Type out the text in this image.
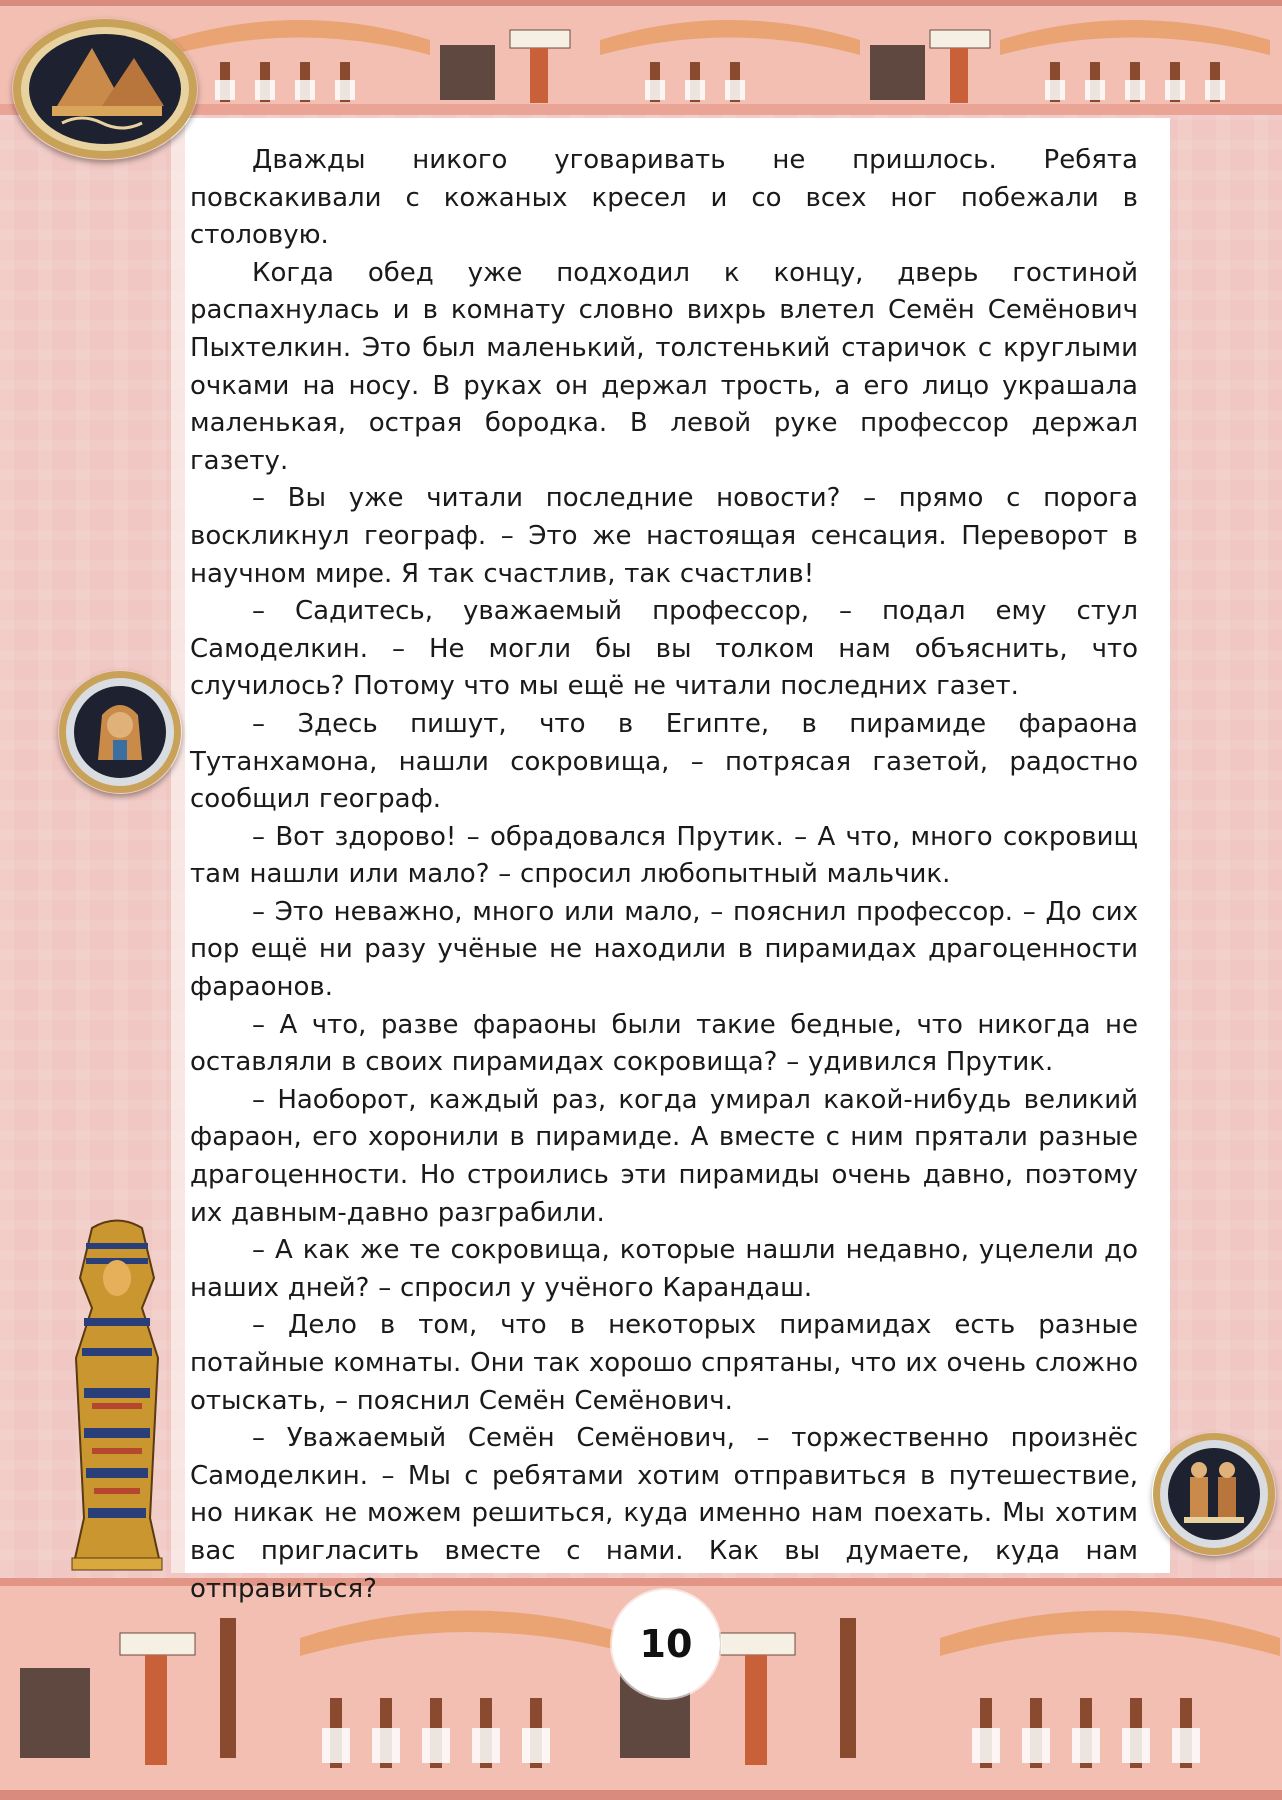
Дважды никого уговаривать не пришлось. Ребята повскакивали с кожаных кресел и со всех ног побежали в столовую.

Когда обед уже подходил к концу, дверь гостиной распахнулась и в комнату словно вихрь влетел Семён Семёнович Пыхтелкин. Это был маленький, толстенький старичок с круглыми очками на носу. В руках он держал трость, а его лицо украшала маленькая, острая бородка. В левой руке профессор держал газету.

– Вы уже читали последние новости? – прямо с порога воскликнул географ. – Это же настоящая сенсация. Переворот в научном мире. Я так счастлив, так счастлив!

– Садитесь, уважаемый профессор, – подал ему стул Самоделкин. – Не могли бы вы толком нам объяснить, что случилось? Потому что мы ещё не читали последних газет.

– Здесь пишут, что в Египте, в пирамиде фараона Тутанхамона, нашли сокровища, – потрясая газетой, радостно сообщил географ.

– Вот здорово! – обрадовался Прутик. – А что, много сокровищ там нашли или мало? – спросил любопытный мальчик.

– Это неважно, много или мало, – пояснил профессор. – До сих пор ещё ни разу учёные не находили в пирамидах драгоценности фараонов.

– А что, разве фараоны были такие бедные, что никогда не оставляли в своих пирамидах сокровища? – удивился Прутик.

– Наоборот, каждый раз, когда умирал какой-нибудь великий фараон, его хоронили в пирамиде. А вместе с ним прятали разные драгоценности. Но строились эти пирамиды очень давно, поэтому их давным-давно разграбили.

– А как же те сокровища, которые нашли недавно, уцелели до наших дней? – спросил у учёного Карандаш.

– Дело в том, что в некоторых пирамидах есть разные потайные комнаты. Они так хорошо спрятаны, что их очень сложно отыскать, – пояснил Семён Семёнович.

– Уважаемый Семён Семёнович, – торжественно произнёс Самоделкин. – Мы с ребятами хотим отправиться в путешествие, но никак не можем решиться, куда именно нам поехать. Мы хотим вас пригласить вместе с нами. Как вы думаете, куда нам отправиться?

10
